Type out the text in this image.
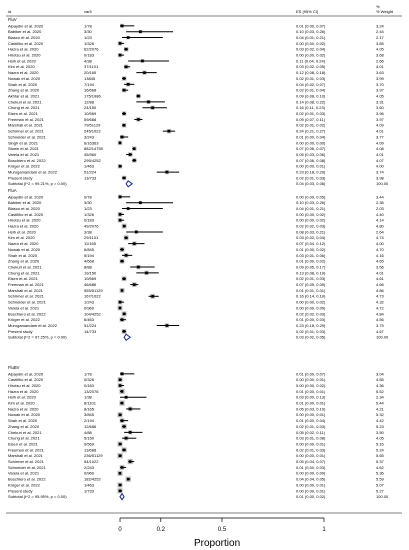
id	var5	ES (95% CI)
%
% Weight
FluV
Alpaydin et al. 2020	1/78	0.01 (0.00, 0.07)	3.24
Babiker et al. 2020	3/30	0.10 (0.03, 0.26)	2.44
Blasco et al. 2020	1/23	0.04 (0.01, 0.21)	2.17
Castillho et al. 2020	1/326	0.00 (0.00, 0.02)	3.85
Hazra et al. 2020	62/2076	0.03 (0.02, 0.04)	4.05
Hirotsu et al. 2020	0/183	0.00 (0.00, 0.02)	3.68
Hsih et al. 2020	4/38	0.11 (0.04, 0.24)	2.66
Kim et al. 2020	37/1101	0.03 (0.02, 0.05)	4.01
Nazra et al. 2020	20/165	0.12 (0.08, 0.18)	3.63
Nowak et al. 2020	13845	0.02 (0.01, 0.03)	3.99
Shah et al. 2020	7/194	0.04 (0.02, 0.07)	3.70
Zhang et al. 2020	16/668	0.02 (0.01, 0.04)	3.97
Akhtar et al. 2021	175/1986	0.09 (0.08, 0.10)	4.05
Chekuri et al. 2021	12/88	0.14 (0.08, 0.22)	3.31
Chung et al. 2021	24/150	0.16 (0.11, 0.23)	3.60
Eisen et al. 2021	10/569	0.02 (0.01, 0.03)	3.96
Freeman et al. 2021	59/688	0.09 (0.07, 0.11)	3.97
Marshall et al. 2021	79/51129	0.02 (0.01, 0.02)	4.09
Schirmer et al. 2021	245/1022	0.24 (0.21, 0.27)	4.01
Schneider et al. 2021	3/243	0.01 (0.00, 0.04)	3.77
Singh et al. 2021	6/16363	0.00 (0.00, 0.00)	4.09
Stowe et al. 2021	882/14755	0.07 (0.06, 0.07)	4.08
Varela et al. 2021	45/960	0.05 (0.03, 0.06)	4.01
Boschiero et al. 2022	295/4252	0.07 (0.06, 0.08)	4.07
Krüger et al. 2022	1/463	0.00 (0.00, 0.01)	4.00
Murugamandam et al. 2022	51/224	0.23 (0.18, 0.29)	3.74
Present study	13/733	0.02 (0.01, 0.03)	3.98
Subtotal (I^2 = 99.21%, p = 0.00)	0.04 (0.03, 0.06)	100.00
FluA
Alpaydin et al. 2020	0/78	0.00 (0.00, 0.05)	3.44
Babiker et al. 2020	3/30	0.10 (0.03, 0.26)	2.35
Blasco et al. 2020	1/23	0.04 (0.01, 0.21)	2.03
Castillho et al. 2020	1/326	0.00 (0.00, 0.02)	4.40
Hirotsu et al. 2020	0/183	0.00 (0.00, 0.02)	4.14
Hazra et al. 2020	49/2076	0.02 (0.02, 0.03)	4.80
Hsih et al. 2020	3/38	0.08 (0.03, 0.21)	2.64
Kim et al. 2020	29/1101	0.03 (0.02, 0.04)	4.74
Nazra et al. 2020	11/165	0.07 (0.04, 0.12)	4.00
Nowak et al. 2020	6/845	0.01 (0.00, 0.02)	4.70
Shah et al. 2020	5/194	0.03 (0.01, 0.06)	4.16
Zhang et al. 2020	4/668	0.01 (0.00, 0.02)	4.65
Chekuri et al. 2021	8/88	0.09 (0.05, 0.17)	3.56
Chung et al. 2021	19/150	0.13 (0.08, 0.19)	4.01
Eisen et al. 2021	10/569	0.02 (0.01, 0.03)	4.61
Freeman et al. 2021	46/686	0.07 (0.05, 0.09)	4.66
Marshall et al. 2021	555/51129	0.01 (0.01, 0.01)	4.86
Schirmer et al. 2021	167/1022	0.16 (0.14, 0.19)	4.73
Schneider et al. 2021	1/243	0.00 (0.00, 0.02)	4.32
Varela et al. 2021	0/960	0.00 (0.00, 0.00)	4.72
Boschiero et al. 2022	104/4252	0.02 (0.02, 0.03)	4.84
Krüger et al. 2022	6/463	0.01 (0.00, 0.03)	4.56
Murugamandam et al. 2022	51/224	0.23 (0.18, 0.29)	3.79
Present study	14/733	0.02 (0.01, 0.03)	4.67
Subtotal (I^2 = 97.25%, p = 0.00)	0.03 (0.02, 0.05)	100.00
FluBV
Alpaydin et al. 2020	1/78	0.01 (0.00, 0.07)	3.04
Castillho et al. 2020	0/326	0.00 (0.00, 0.01)	4.85
Hirotsu et al. 2020	0/183	0.00 (0.00, 0.02)	4.36
Hazra et al. 2020	13/2076	0.01 (0.00, 0.01)	5.52
Hsih et al. 2020	1/38	0.03 (0.00, 0.13)	2.34
Kim et al. 2020	8/1101	0.01 (0.00, 0.01)	5.44
Nazra et al. 2020	8/165	0.05 (0.03, 0.10)	4.21
Nowak et al. 2020	3/845	0.00 (0.00, 0.01)	5.32
Shah et al. 2020	2/194	0.01 (0.00, 0.04)	4.42
Zhang et al. 2020	12/686	0.02 (0.01, 0.03)	5.23
Chekuri et al. 2021	4/88	0.05 (0.02, 0.11)	3.50
Chung et al. 2021	5/150	0.03 (0.01, 0.08)	4.05
Eisen et al. 2021	0/569	0.00 (0.00, 0.01)	5.16
Freeman et al. 2021	13/688	0.02 (0.01, 0.03)	5.24
Marshall et al. 2021	236/51129	0.00 (0.00, 0.01)	5.65
Schirmer et al. 2021	54/1022	0.05 (0.04, 0.07)	5.37
Schneider et al. 2021	2/243	0.01 (0.00, 0.03)	4.62
Varela et al. 2021	0/960	0.00 (0.00, 0.00)	5.36
Boschiero et al. 2022	182/4252	0.04 (0.04, 0.05)	5.59
Krüger et al. 2022	1/463	0.00 (0.00, 0.01)	5.07
Present study	1/733	0.00 (0.00, 0.01)	5.27
Subtotal (I^2 = 95.95%, p = 0.00)	0.01 (0.00, 0.02)	100.00
0	0.2	0.5	1
Proportion
